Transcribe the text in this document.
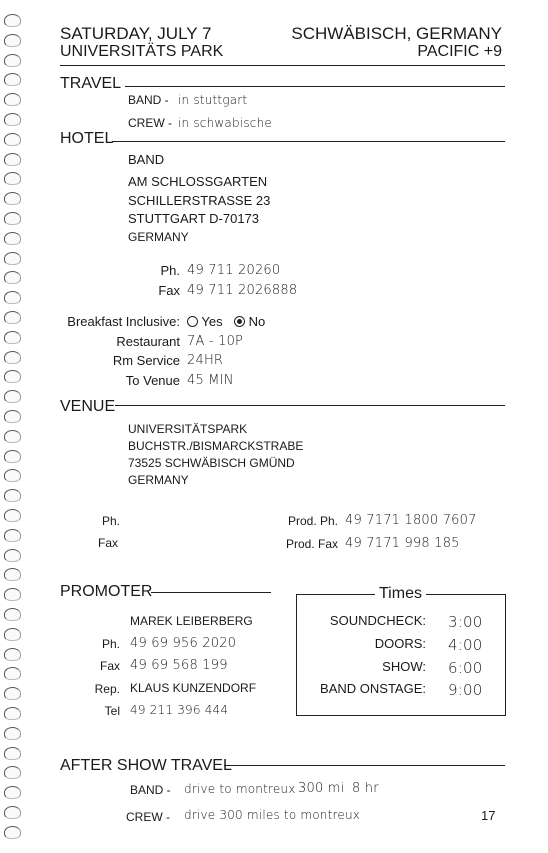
SATURDAY, JULY 7
UNIVERSITÄTS PARK
SCHWÄBISCH, GERMANY
PACIFIC +9
TRAVEL
BAND - in stuttgart
CREW - in schwabische
HOTEL
BAND
AM SCHLOSSGARTEN
SCHILLERSTRASSE 23
STUTTGART D-70173
GERMANY
Ph. 49 711 20260
Fax 49 711 2026888
Breakfast Inclusive:	Yes	No
Restaurant 7A - 10P
Rm Service 24HR
To Venue 45 MIN
VENUE
UNIVERSITÄTSPARK
BUCHSTR./BISMARCKSTRABE
73525 SCHWÄBISCH GMÜND
GERMANY
Ph.
Fax
Prod. Ph. 49 7171 1800 7607
Prod. Fax 49 7171 998 185
PROMOTER
MAREK LEIBERBERG
Ph. 49 69 956 2020
Fax 49 69 568 199
Rep. KLAUS KUNZENDORF
Tel 49 211 396 444
Times
SOUNDCHECK: 3:00
DOORS: 4:00
SHOW: 6:00
BAND ONSTAGE: 9:00
AFTER SHOW TRAVEL
BAND - drive to montreux 300 mi 8 hr
CREW - drive 300 miles to montreux	17
